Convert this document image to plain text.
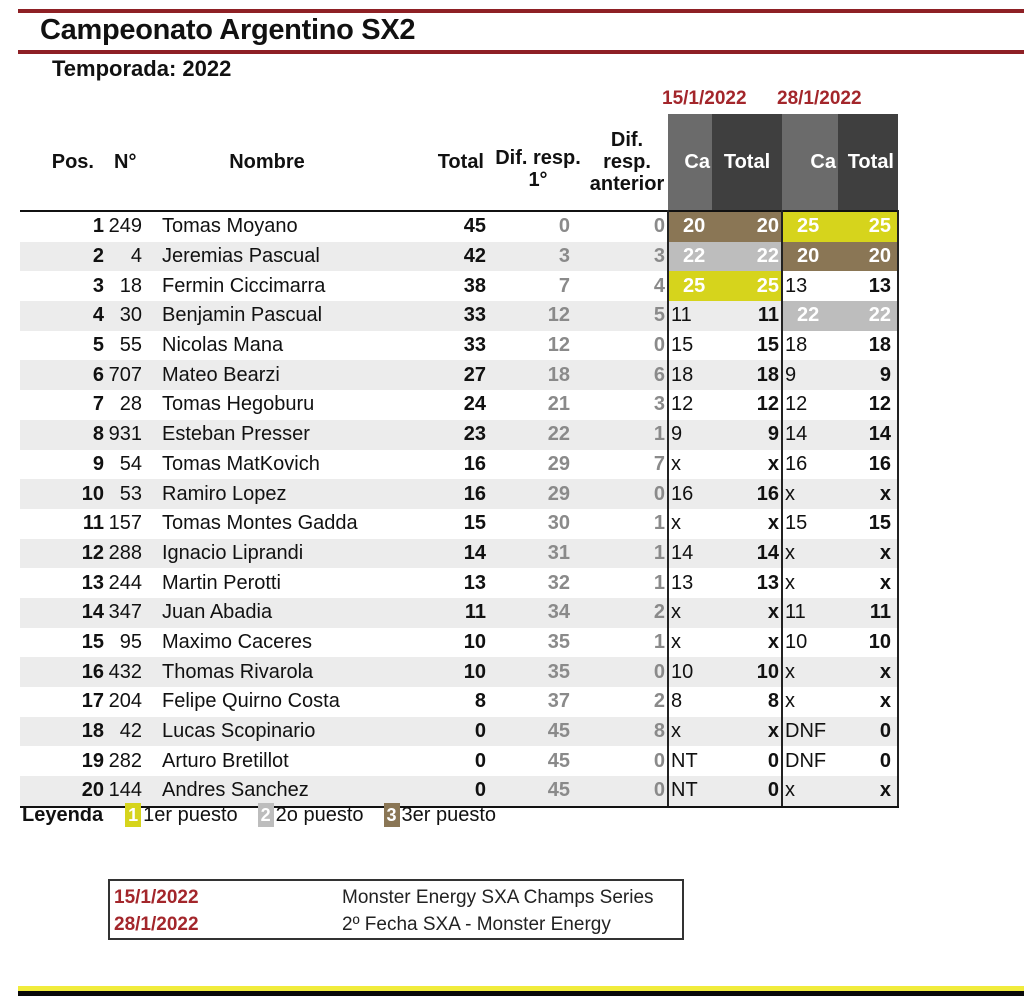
Campeonato Argentino SX2
Temporada: 2022
15/1/2022 28/1/2022
Pos.	N°	Nombre	Total	Dif. resp. 1°	Dif. resp. anterior	Ca	Total	Ca	Total
1	249	Tomas Moyano	45	0	0	20	20	25	25
2	4	Jeremias Pascual	42	3	3	22	22	20	20
3	18	Fermin Ciccimarra	38	7	4	25	25	13	13
4	30	Benjamin Pascual	33	12	5	11	11	22	22
5	55	Nicolas Mana	33	12	0	15	15	18	18
6	707	Mateo Bearzi	27	18	6	18	18	9	9
7	28	Tomas Hegoburu	24	21	3	12	12	12	12
8	931	Esteban Presser	23	22	1	9	9	14	14
9	54	Tomas MatKovich	16	29	7	x	x	16	16
10	53	Ramiro Lopez	16	29	0	16	16	x	x
11	157	Tomas Montes Gadda	15	30	1	x	x	15	15
12	288	Ignacio Liprandi	14	31	1	14	14	x	x
13	244	Martin Perotti	13	32	1	13	13	x	x
14	347	Juan Abadia	11	34	2	x	x	11	11
15	95	Maximo Caceres	10	35	1	x	x	10	10
16	432	Thomas Rivarola	10	35	0	10	10	x	x
17	204	Felipe Quirno Costa	8	37	2	8	8	x	x
18	42	Lucas Scopinario	0	45	8	x	x	DNF	0
19	282	Arturo Bretillot	0	45	0	NT	0	DNF	0
20	144	Andres Sanchez	0	45	0	NT	0	x	x
Leyenda 1 1er puesto 2 2o puesto 3 3er puesto
15/1/2022	Monster Energy SXA Champs Series
28/1/2022	2º Fecha SXA - Monster Energy
